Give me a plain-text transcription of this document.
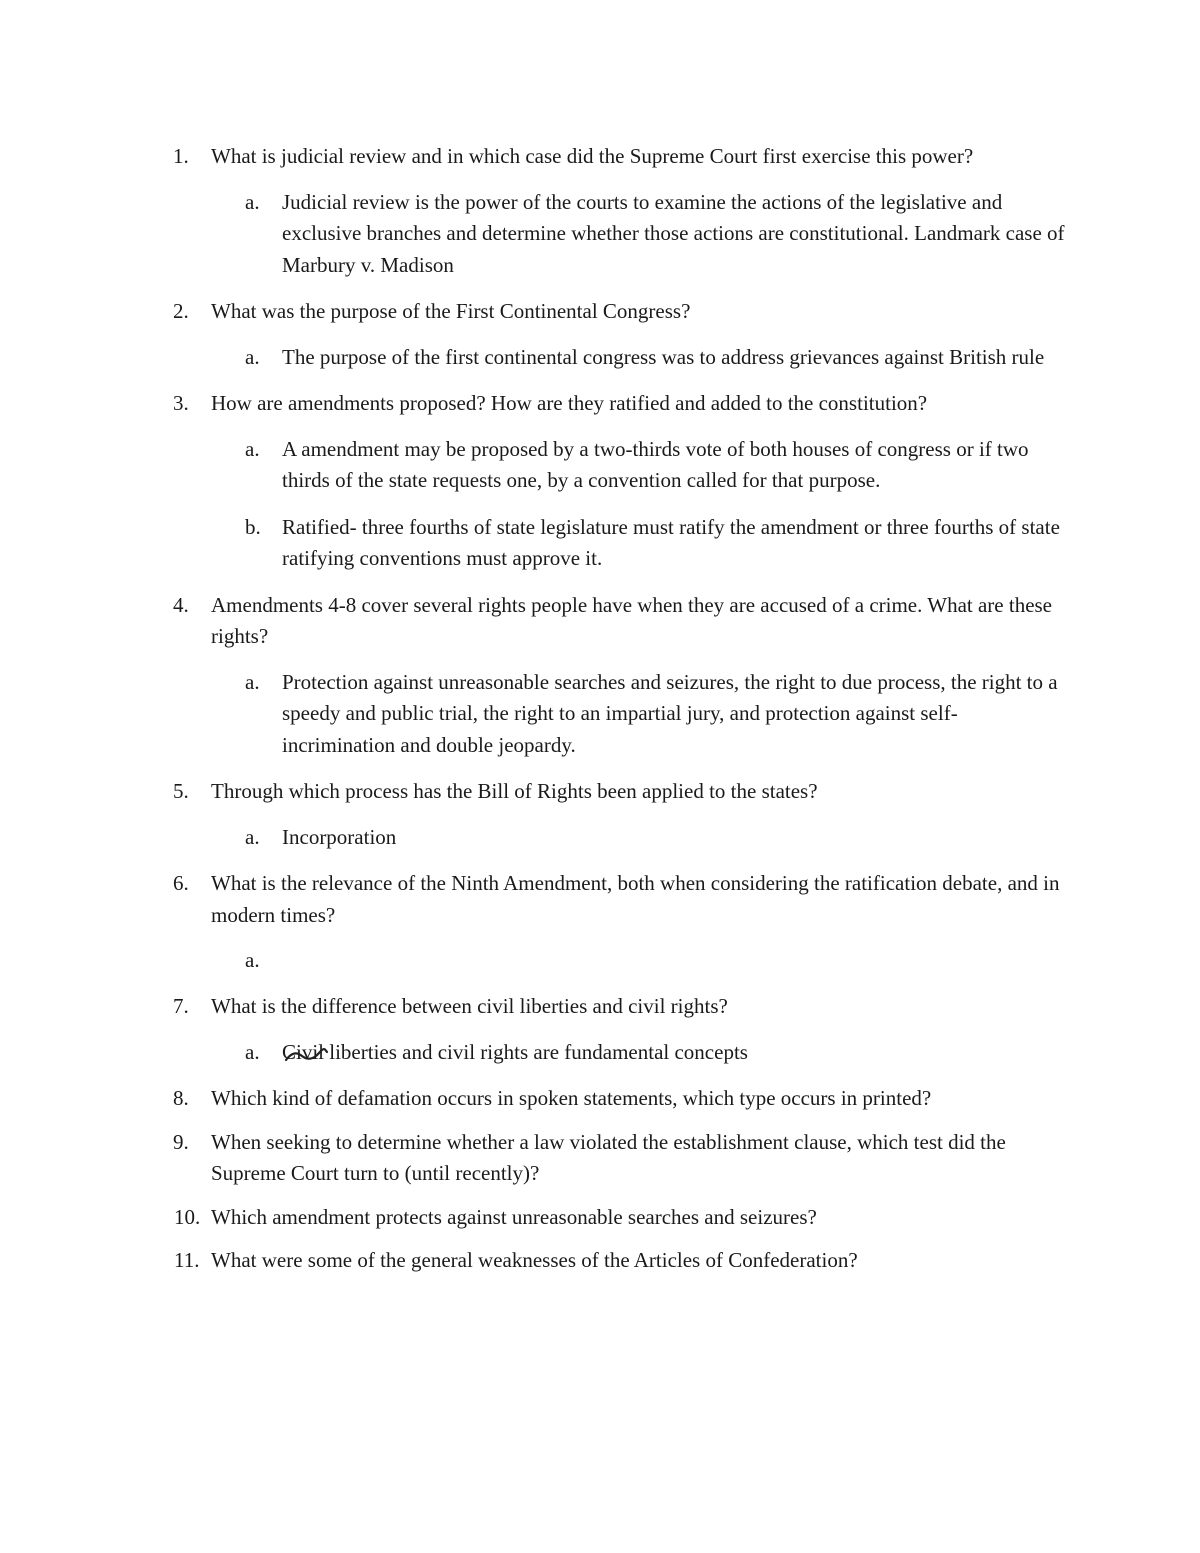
1. What is judicial review and in which case did the Supreme Court first exercise this power?
a. Judicial review is the power of the courts to examine the actions of the legislative and exclusive branches and determine whether those actions are constitutional. Landmark case of Marbury v. Madison
2. What was the purpose of the First Continental Congress?
a. The purpose of the first continental congress was to address grievances against British rule
3. How are amendments proposed? How are they ratified and added to the constitution?
a. A amendment may be proposed by a two-thirds vote of both houses of congress or if two thirds of the state requests one, by a convention called for that purpose.
b. Ratified- three fourths of state legislature must ratify the amendment or three fourths of state ratifying conventions must approve it.
4. Amendments 4-8 cover several rights people have when they are accused of a crime. What are these rights?
a. Protection against unreasonable searches and seizures, the right to due process, the right to a speedy and public trial, the right to an impartial jury, and protection against self-incrimination and double jeopardy.
5. Through which process has the Bill of Rights been applied to the states?
a. Incorporation
6. What is the relevance of the Ninth Amendment, both when considering the ratification debate, and in modern times?
a.
7. What is the difference between civil liberties and civil rights?
a. Civil liberties and civil rights are fundamental concepts
8. Which kind of defamation occurs in spoken statements, which type occurs in printed?
9. When seeking to determine whether a law violated the establishment clause, which test did the Supreme Court turn to (until recently)?
10. Which amendment protects against unreasonable searches and seizures?
11. What were some of the general weaknesses of the Articles of Confederation?
